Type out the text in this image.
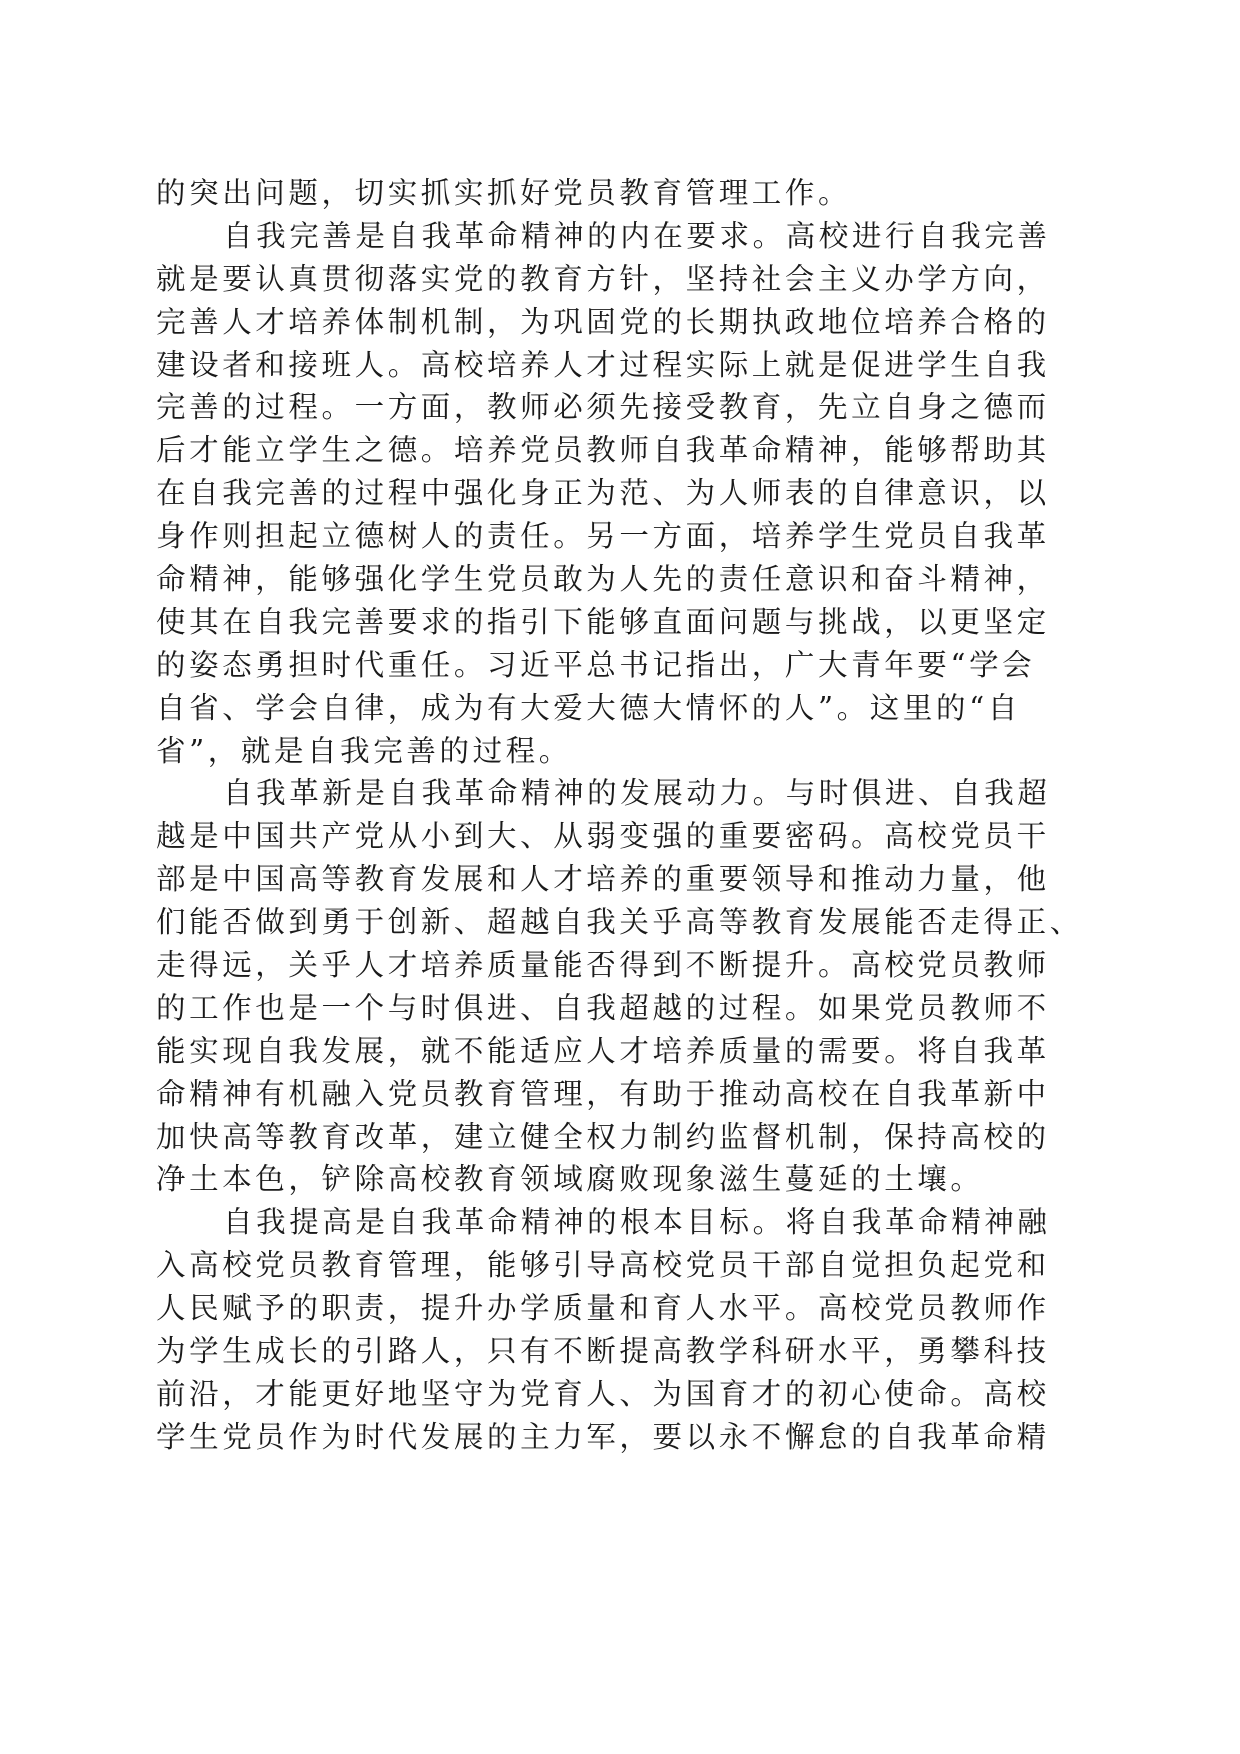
的突出问题，切实抓实抓好党员教育管理工作。
自我完善是自我革命精神的内在要求。高校进行自我完善
就是要认真贯彻落实党的教育方针，坚持社会主义办学方向，
完善人才培养体制机制，为巩固党的长期执政地位培养合格的
建设者和接班人。高校培养人才过程实际上就是促进学生自我
完善的过程。一方面，教师必须先接受教育，先立自身之德而
后才能立学生之德。培养党员教师自我革命精神，能够帮助其
在自我完善的过程中强化身正为范、为人师表的自律意识，以
身作则担起立德树人的责任。另一方面，培养学生党员自我革
命精神，能够强化学生党员敢为人先的责任意识和奋斗精神，
使其在自我完善要求的指引下能够直面问题与挑战，以更坚定
的姿态勇担时代重任。习近平总书记指出，广大青年要“学会
自省、学会自律，成为有大爱大德大情怀的人”。这里的“自
省”，就是自我完善的过程。
自我革新是自我革命精神的发展动力。与时俱进、自我超
越是中国共产党从小到大、从弱变强的重要密码。高校党员干
部是中国高等教育发展和人才培养的重要领导和推动力量，他
们能否做到勇于创新、超越自我关乎高等教育发展能否走得正、
走得远，关乎人才培养质量能否得到不断提升。高校党员教师
的工作也是一个与时俱进、自我超越的过程。如果党员教师不
能实现自我发展，就不能适应人才培养质量的需要。将自我革
命精神有机融入党员教育管理，有助于推动高校在自我革新中
加快高等教育改革，建立健全权力制约监督机制，保持高校的
净土本色，铲除高校教育领域腐败现象滋生蔓延的土壤。
自我提高是自我革命精神的根本目标。将自我革命精神融
入高校党员教育管理，能够引导高校党员干部自觉担负起党和
人民赋予的职责，提升办学质量和育人水平。高校党员教师作
为学生成长的引路人，只有不断提高教学科研水平，勇攀科技
前沿，才能更好地坚守为党育人、为国育才的初心使命。高校
学生党员作为时代发展的主力军，要以永不懈怠的自我革命精
